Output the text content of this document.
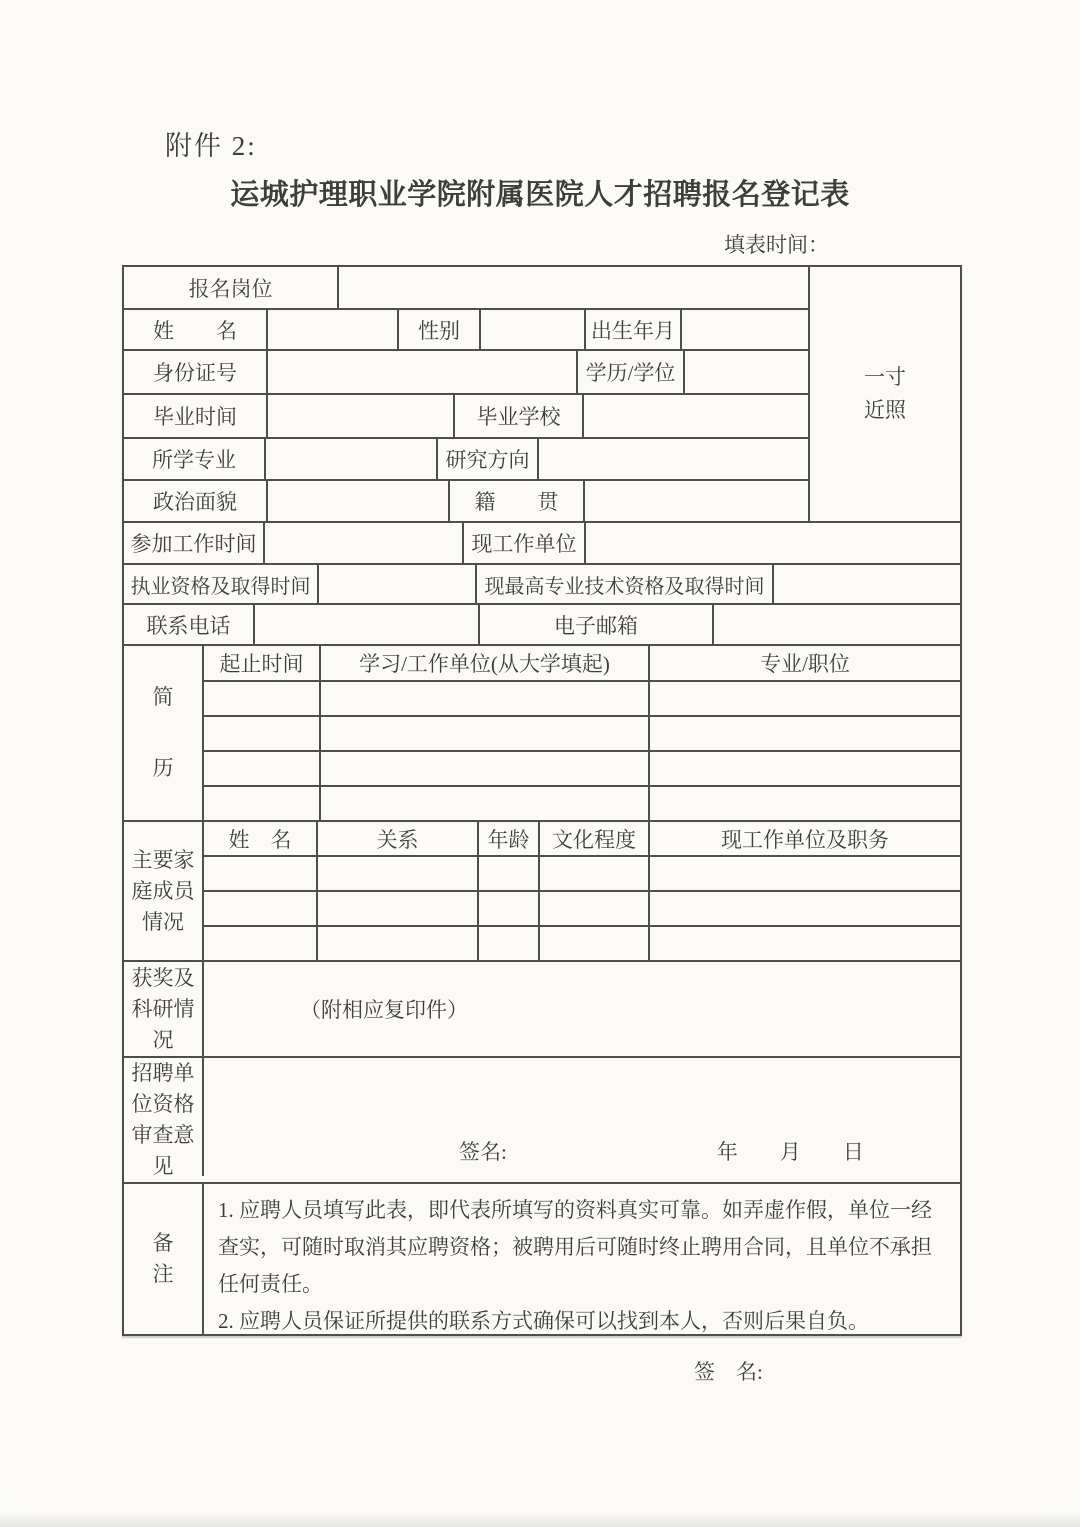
附件 2:
运城护理职业学院附属医院人才招聘报名登记表
填表时间：
报名岗位
姓　　名	性别	出生年月
身份证号	学历/学位
毕业时间	毕业学校
所学专业	研究方向
政治面貌	籍　　贯
一寸
近照
参加工作时间	现工作单位
执业资格及取得时间	现最高专业技术资格及取得时间
联系电话	电子邮箱
简
历
起止时间	学习/工作单位(从大学填起)	专业/职位
主要家
庭成员
情况
姓　名	关系	年龄	文化程度	现工作单位及职务
获奖及
科研情
况
（附相应复印件）
招聘单
位资格
审查意
见
签名:	年　　月　　日
备
注

1. 应聘人员填写此表，即代表所填写的资料真实可靠。如弄虚作假，单位一经查实，可随时取消其应聘资格；被聘用后可随时终止聘用合同，且单位不承担任何责任。

2. 应聘人员保证所提供的联系方式确保可以找到本人，否则后果自负。

签　名:
